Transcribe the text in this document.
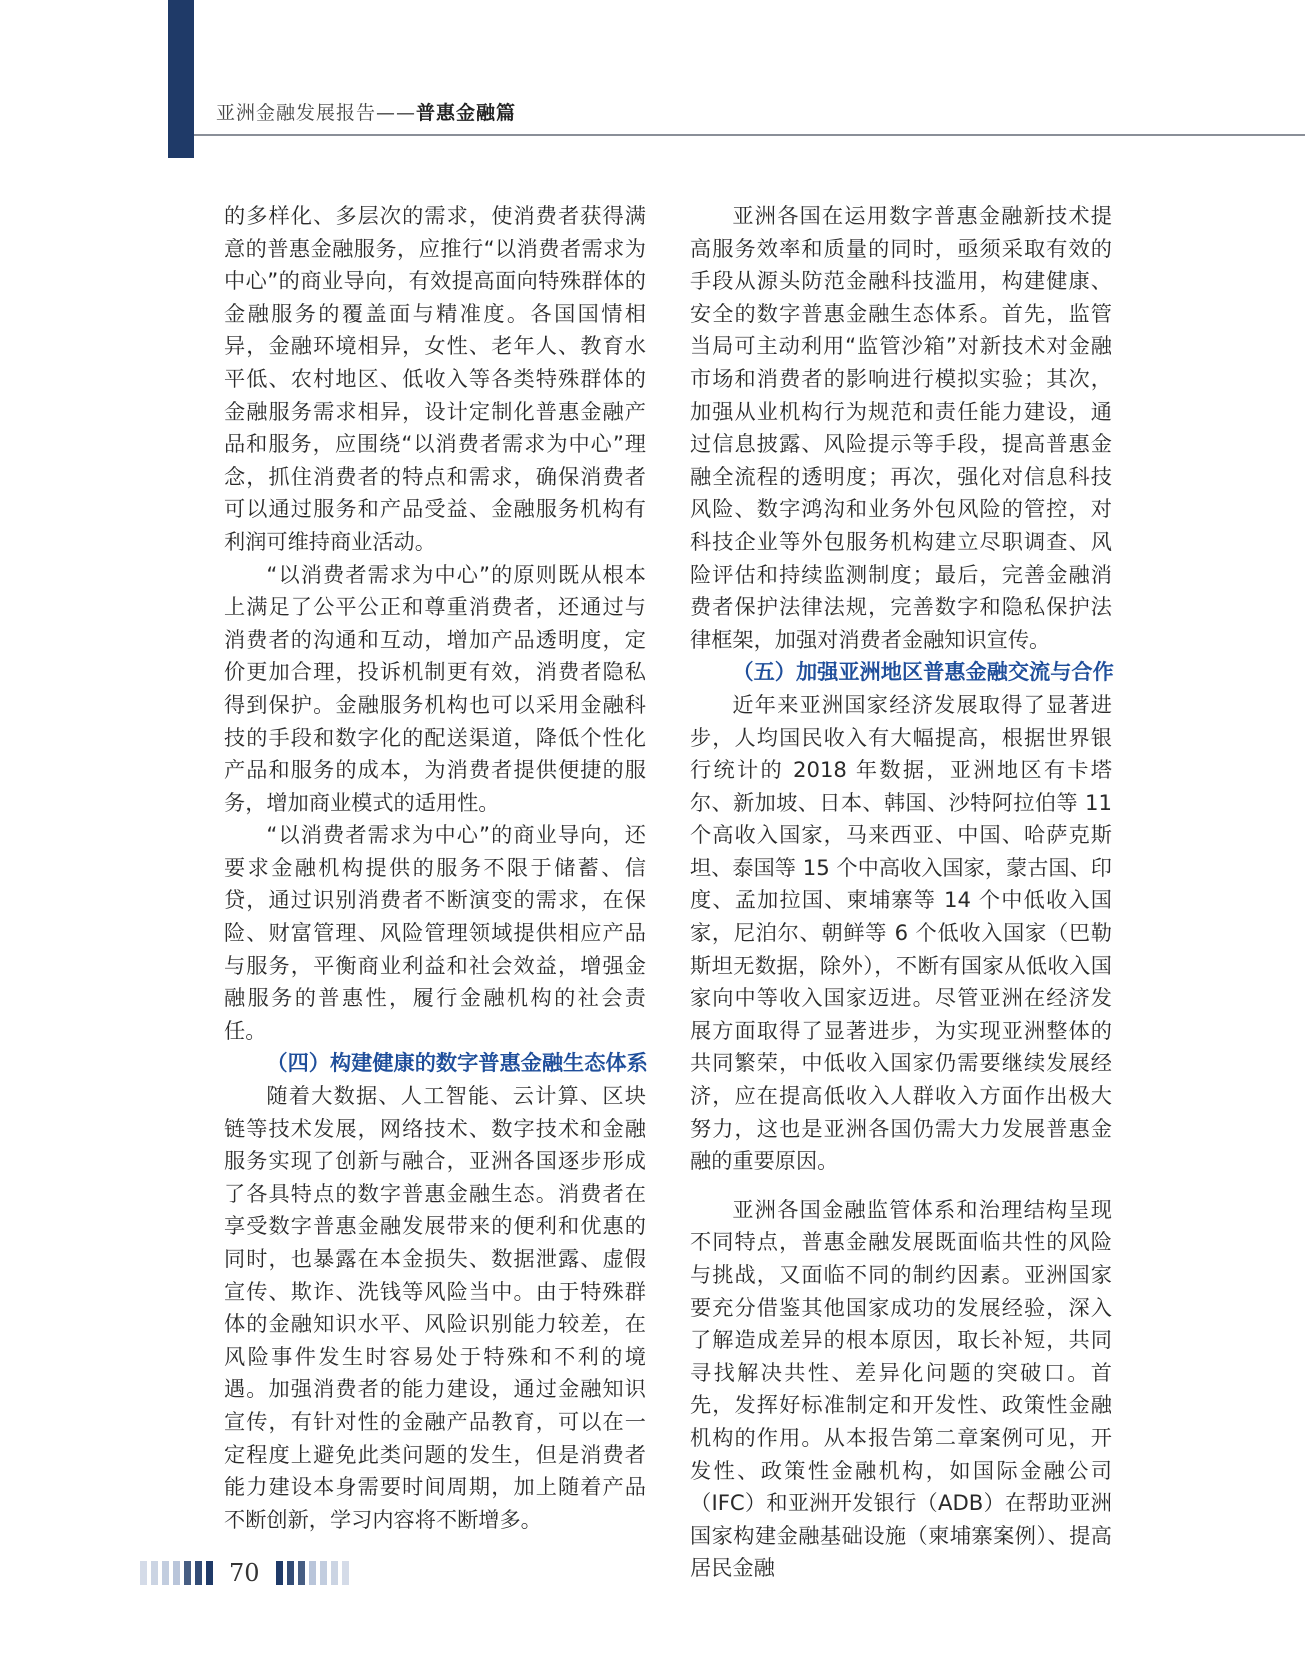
亚洲金融发展报告——普惠金融篇

的多样化、多层次的需求，使消费者获得满意的普惠金融服务，应推行“以消费者需求为中心”的商业导向，有效提高面向特殊群体的金融服务的覆盖面与精准度。各国国情相异，金融环境相异，女性、老年人、教育水平低、农村地区、低收入等各类特殊群体的金融服务需求相异，设计定制化普惠金融产品和服务，应围绕“以消费者需求为中心”理念，抓住消费者的特点和需求，确保消费者可以通过服务和产品受益、金融服务机构有利润可维持商业活动。

“以消费者需求为中心”的原则既从根本上满足了公平公正和尊重消费者，还通过与消费者的沟通和互动，增加产品透明度，定价更加合理，投诉机制更有效，消费者隐私得到保护。金融服务机构也可以采用金融科技的手段和数字化的配送渠道，降低个性化产品和服务的成本，为消费者提供便捷的服务，增加商业模式的适用性。

“以消费者需求为中心”的商业导向，还要求金融机构提供的服务不限于储蓄、信贷，通过识别消费者不断演变的需求，在保险、财富管理、风险管理领域提供相应产品与服务，平衡商业利益和社会效益，增强金融服务的普惠性，履行金融机构的社会责任。

（四）构建健康的数字普惠金融生态体系

随着大数据、人工智能、云计算、区块链等技术发展，网络技术、数字技术和金融服务实现了创新与融合，亚洲各国逐步形成了各具特点的数字普惠金融生态。消费者在享受数字普惠金融发展带来的便利和优惠的同时，也暴露在本金损失、数据泄露、虚假宣传、欺诈、洗钱等风险当中。由于特殊群体的金融知识水平、风险识别能力较差，在风险事件发生时容易处于特殊和不利的境遇。加强消费者的能力建设，通过金融知识宣传，有针对性的金融产品教育，可以在一定程度上避免此类问题的发生，但是消费者能力建设本身需要时间周期，加上随着产品不断创新，学习内容将不断增多。

亚洲各国在运用数字普惠金融新技术提高服务效率和质量的同时，亟须采取有效的手段从源头防范金融科技滥用，构建健康、安全的数字普惠金融生态体系。首先，监管当局可主动利用“监管沙箱”对新技术对金融市场和消费者的影响进行模拟实验；其次，加强从业机构行为规范和责任能力建设，通过信息披露、风险提示等手段，提高普惠金融全流程的透明度；再次，强化对信息科技风险、数字鸿沟和业务外包风险的管控，对科技企业等外包服务机构建立尽职调查、风险评估和持续监测制度；最后，完善金融消费者保护法律法规，完善数字和隐私保护法律框架，加强对消费者金融知识宣传。

（五）加强亚洲地区普惠金融交流与合作

近年来亚洲国家经济发展取得了显著进步，人均国民收入有大幅提高，根据世界银行统计的 2018 年数据，亚洲地区有卡塔尔、新加坡、日本、韩国、沙特阿拉伯等 11 个高收入国家，马来西亚、中国、哈萨克斯坦、泰国等 15 个中高收入国家，蒙古国、印度、孟加拉国、柬埔寨等 14 个中低收入国家，尼泊尔、朝鲜等 6 个低收入国家（巴勒斯坦无数据，除外），不断有国家从低收入国家向中等收入国家迈进。尽管亚洲在经济发展方面取得了显著进步，为实现亚洲整体的共同繁荣，中低收入国家仍需要继续发展经济，应在提高低收入人群收入方面作出极大努力，这也是亚洲各国仍需大力发展普惠金融的重要原因。

亚洲各国金融监管体系和治理结构呈现不同特点，普惠金融发展既面临共性的风险与挑战，又面临不同的制约因素。亚洲国家要充分借鉴其他国家成功的发展经验，深入了解造成差异的根本原因，取长补短，共同寻找解决共性、差异化问题的突破口。首先，发挥好标准制定和开发性、政策性金融机构的作用。从本报告第二章案例可见，开发性、政策性金融机构，如国际金融公司（IFC）和亚洲开发银行（ADB）在帮助亚洲国家构建金融基础设施（柬埔寨案例）、提高居民金融

70
